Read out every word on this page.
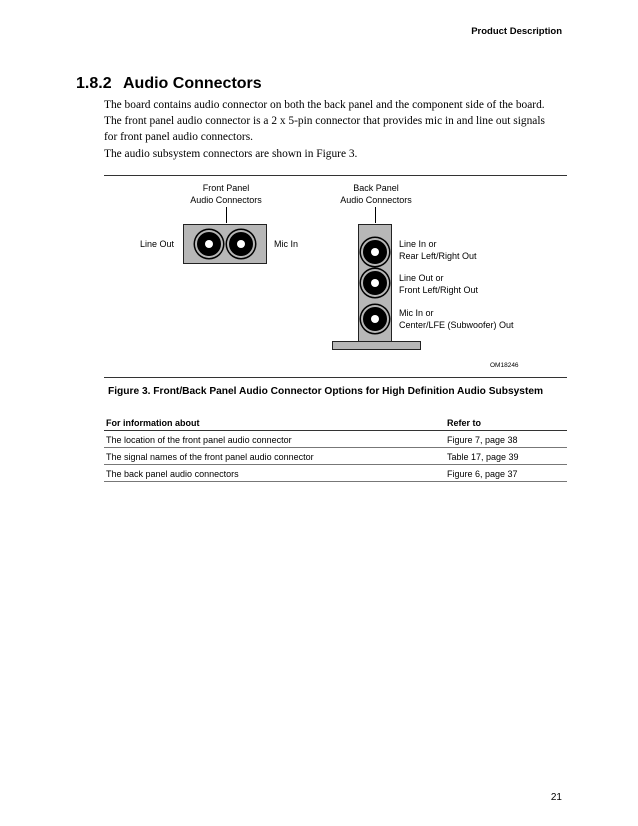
Product Description
1.8.2 Audio Connectors
The board contains audio connector on both the back panel and the component side of the board.
The front panel audio connector is a 2 x 5-pin connector that provides mic in and line out signals
for front panel audio connectors.
The audio subsystem connectors are shown in Figure 3.
Front Panel
Audio Connectors
Line Out	Mic In
Back Panel
Audio Connectors
Line In or
Rear Left/Right Out
Line Out or
Front Left/Right Out
Mic In or
Center/LFE (Subwoofer) Out
OM18246
Figure 3. Front/Back Panel Audio Connector Options for High Definition Audio Subsystem
For information about	Refer to
The location of the front panel audio connector	Figure 7, page 38
The signal names of the front panel audio connector	Table 17, page 39
The back panel audio connectors	Figure 6, page 37
21
